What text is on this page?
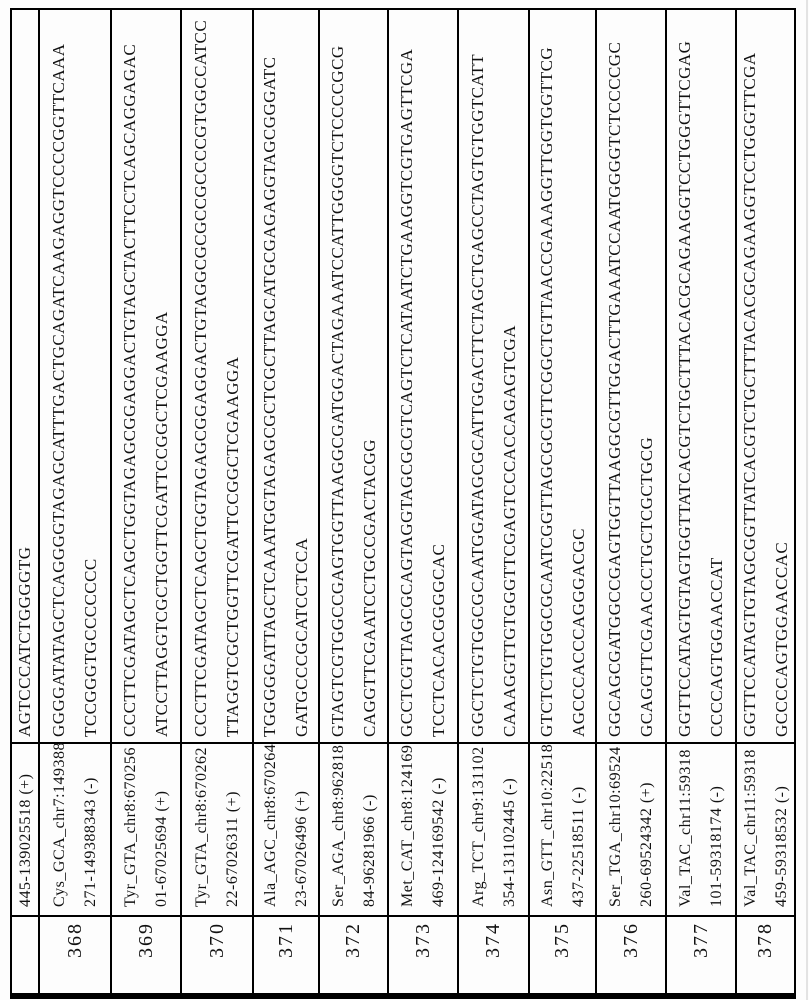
445-139025518 (+)
AGTCCCATCTGGGGTG
368
Cys_GCA_chr7:149388 271-149388343 (-)
GGGGATATAGCTCAGGGGTAGAGCATTTGACTGCAGATCAAGAGGTCCCCGGTTCAAA TCCGGGTGCCCCCCC
369
Tyr_GTA_chr8:670256 01-67025694 (+)
CCCTTCGATAGCTCAGCTGGTAGAGCGGAGGACTGTAGCTACTTCCTCAGCAGGAGAC ATCCTTAGGTCGCTGGTTCGATTCCGGCTCGAAGGA
370
Tyr_GTA_chr8:670262 22-67026311 (+)
CCCTTCGATAGCTCAGCTGGTAGAGCGGAGGACTGTAGGCGCGCCGCCCCGTGGCCATCC TTAGGTCGCTGGTTCGATTCCGGCTCGAAGGA
371
Ala_AGC_chr8:670264 23-67026496 (+)
TGGGGGATTAGCTCAAATGGTAGAGCGCTCGCTTAGCATGCGAGAGGTAGCGGGATC GATGCCCGCATCCTCCA
372
Ser_AGA_chr8:962818 84-96281966 (-)
GTAGTCGTGGCCGAGTGGTTAAGGCGATGGACTAGAAATCCATTGGGGTCTCCCCGCG CAGGTTCGAATCCTGCCGACTACGG
373
Met_CAT_chr8:124169 469-124169542 (-)
GCCTCGTTAGCGCAGTAGGTAGCGCGTCAGTCTCATAATCTGAAGGTCGTGAGTTCGA TCCTCACACGGGGCAC
374
Arg_TCT_chr9:131102 354-131102445 (-)
GGCTCTGTGGCGCAATGGATAGCGCATTGGACTTCTAGCTGAGCCTAGTGTGGTCATT CAAAGGTTGTGGGTTCGAGTCCCACCAGAGTCGA
375
Asn_GTT_chr10:22518 437-22518511 (-)
GTCTCTGTGGCGCAATCGGTTAGCGCGTTCGGCTGTTAACCGAAAGGTTGGTGGTTCG AGCCCACCCAGGGACGC
376
Ser_TGA_chr10:69524 260-69524342 (+)
GGCAGCGATGGCCGAGTGGTTAAGGCGTTGGACTTGAAATCCAATGGGGTCTCCCCGC GCAGGTTCGAACCCTGCTCGCTGCG
377
Val_TAC_chr11:59318 101-59318174 (-)
GGTTCCATAGTGTAGTGGTTATCACGTCTGCTTTACACGCAGAAGGTCCTGGGTTCGAG CCCCAGTGGAACCAT
378
Val_TAC_chr11:59318 459-59318532 (-)
GGTTCCATAGTGTAGCGGTTATCACGTCTGCTTTACACGCAGAAGGTCCTGGGTTCGA GCCCCAGTGGAACCAC
